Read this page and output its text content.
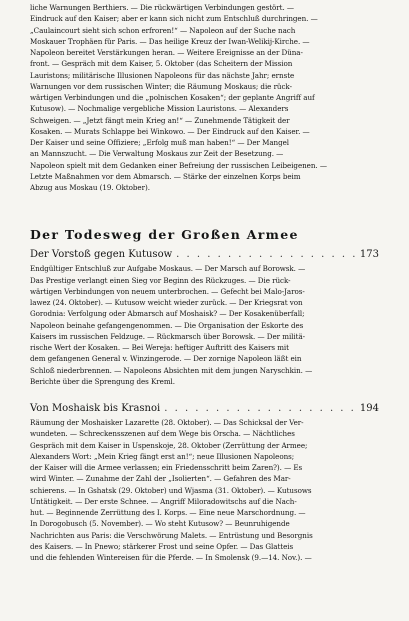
liche Warnungen Berthiers. — Die rückwärtigen Verbindungen gestört. —
Eindruck auf den Kaiser; aber er kann sich nicht zum Entschluß durchringen. —
„Caulaincourt sieht sich schon erfroren!“ — Napoleon auf der Suche nach
Moskauer Trophäen für Paris. — Das heilige Kreuz der Iwan-Welikij-Kirche. —
Napoleon bereitet Verstärkungen heran. — Weitere Ereignisse an der Düna-
front. — Gespräch mit dem Kaiser, 5. Oktober (das Scheitern der Mission
Lauristons; militärische Illusionen Napoleons für das nächste Jahr; ernste
Warnungen vor dem russischen Winter; die Räumung Moskaus; die rück-
wärtigen Verbindungen und die „polnischen Kosaken“; der geplante Angriff auf
Kutusow). — Nochmalige vergebliche Mission Lauristons. — Alexanders
Schweigen. — „Jetzt fängt mein Krieg an!“ — Zunehmende Tätigkeit der
Kosaken. — Murats Schlappe bei Winkowo. — Der Eindruck auf den Kaiser. —
Der Kaiser und seine Offiziere; „Erfolg muß man haben!“ — Der Mangel
an Mannszucht. — Die Verwaltung Moskaus zur Zeit der Besetzung. —
Napoleon spielt mit dem Gedanken einer Befreiung der russischen Leibeigenen. —
Letzte Maßnahmen vor dem Abmarsch. — Stärke der einzelnen Korps beim
Abzug aus Moskau (19. Oktober).
Der Todesweg der Großen Armee
Der Vorstoß gegen Kutusow . . .	173
Endgültiger Entschluß zur Aufgabe Moskaus. — Der Marsch auf Borowsk. —
Das Prestige verlangt einen Sieg vor Beginn des Rückzuges. — Die rück-
wärtigen Verbindungen von neuem unterbrochen. — Gefecht bei Malo-Jaros-
lawez (24. Oktober). — Kutusow weicht wieder zurück. — Der Kriegsrat von
Gorodnia: Verfolgung oder Abmarsch auf Moshaisk? — Der Kosakenüberfall;
Napoleon beinahe gefangengenommen. — Die Organisation der Eskorte des
Kaisers im russischen Feldzuge. — Rückmarsch über Borowsk. — Der militä-
rische Wert der Kosaken. — Bei Wereja: heftiger Auftritt des Kaisers mit
dem gefangenen General v. Winzingerode. — Der zornige Napoleon läßt ein
Schloß niederbrennen. — Napoleons Absichten mit dem jungen Naryschkin. —
Berichte über die Sprengung des Kreml.
Von Moshaisk bis Krasnoi . . .	194
Räumung der Moshaisker Lazarette (28. Oktober). — Das Schicksal der Ver-
wundeten. — Schreckensszenen auf dem Wege bis Orscha. — Nächtliches
Gespräch mit dem Kaiser in Uspenskoje, 28. Oktober (Zerrüttung der Armee;
Alexanders Wort: „Mein Krieg fängt erst an!“; neue Illusionen Napoleons;
der Kaiser will die Armee verlassen; ein Friedensschritt beim Zaren?). — Es
wird Winter. — Zunahme der Zahl der „Isolierten“. — Gefahren des Mar-
schierens. — In Gshatsk (29. Oktober) und Wjasma (31. Oktober). — Kutusows
Untätigkeit. — Der erste Schnee. — Angriff Miloradowitschs auf die Nach-
hut. — Beginnende Zerrüttung des I. Korps. — Eine neue Marschordnung. —
In Dorogobusch (5. November). — Wo steht Kutusow? — Beunruhigende
Nachrichten aus Paris: die Verschwörung Malets. — Entrüstung und Besorgnis
des Kaisers. — In Pnewo; stärkerer Frost und seine Opfer. — Das Glatteis
und die fehlenden Wintereisen für die Pferde. — In Smolensk (9.—14. Nov.). —
